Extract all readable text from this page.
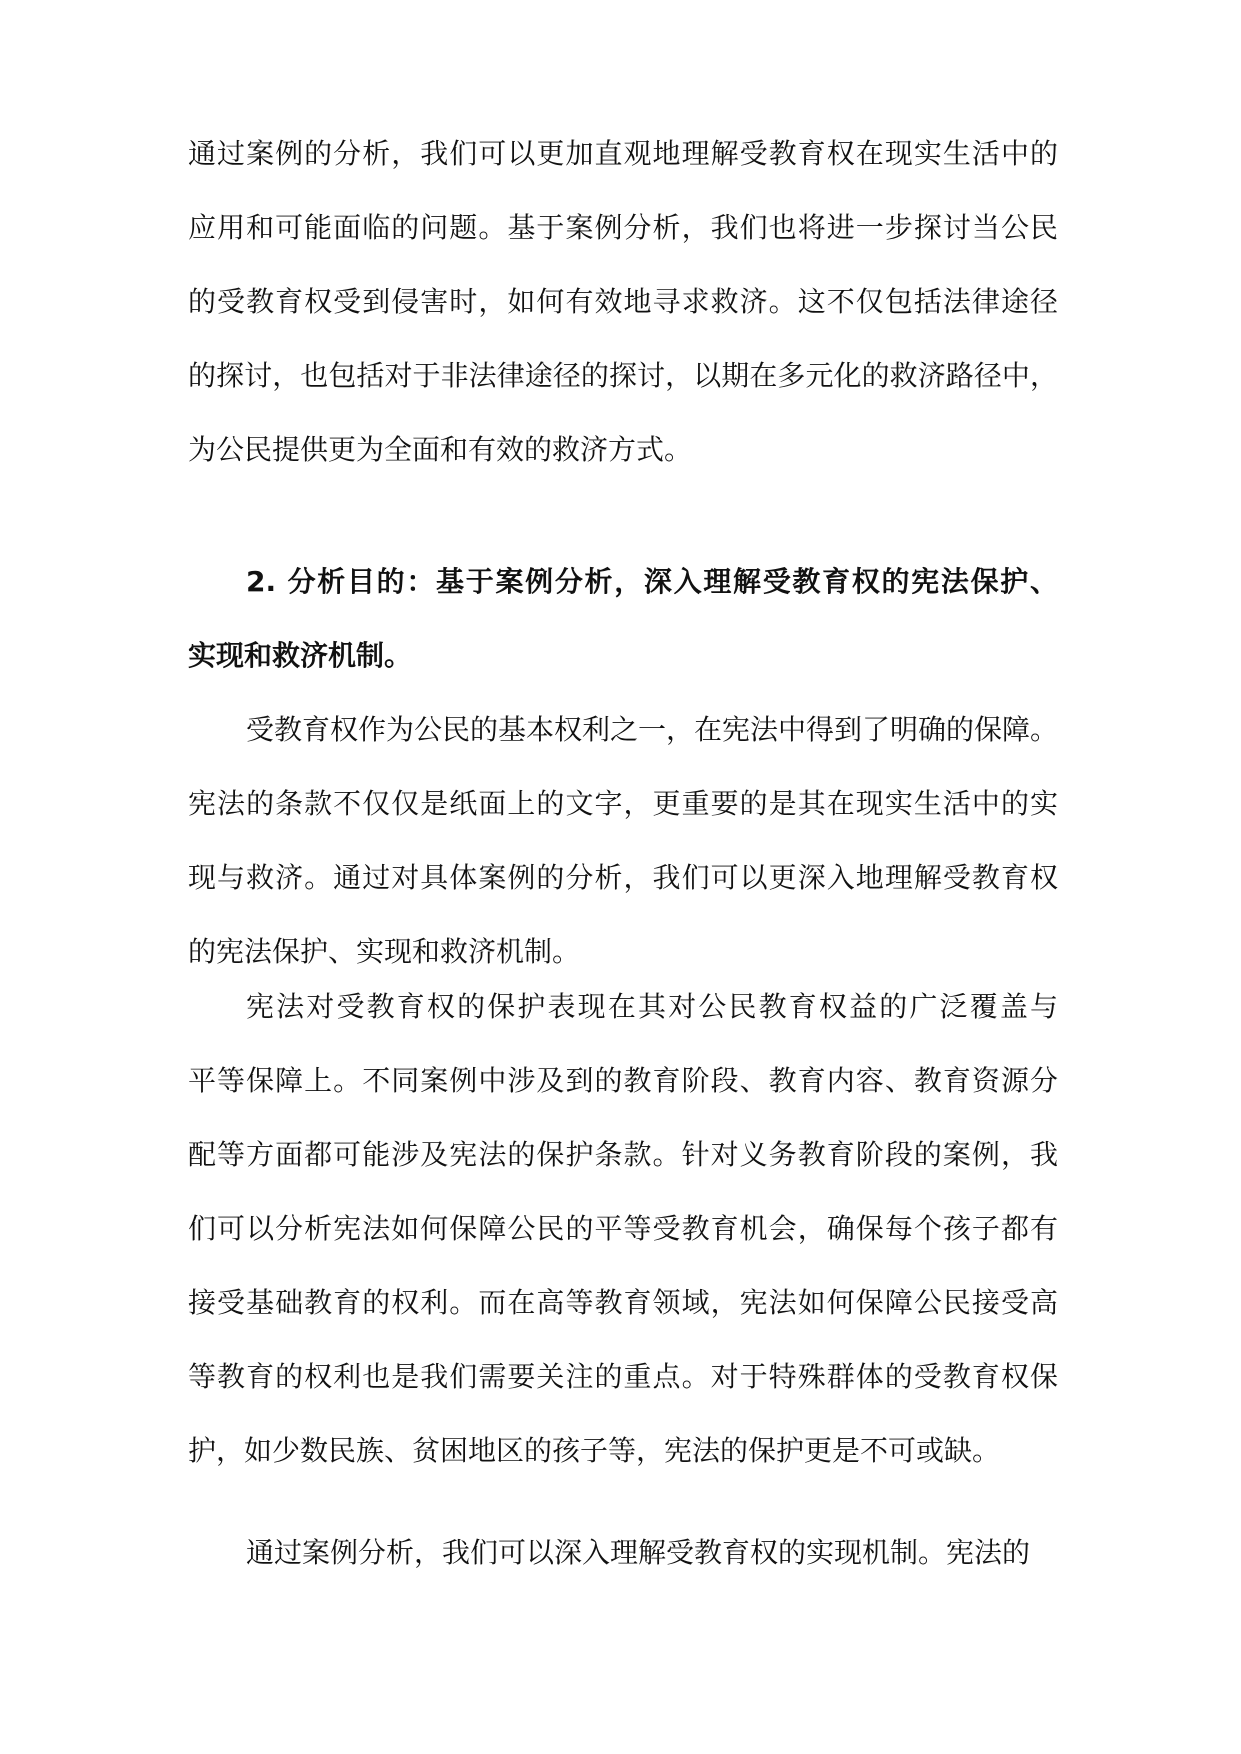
通过案例的分析，我们可以更加直观地理解受教育权在现实生活中的
应用和可能面临的问题。基于案例分析，我们也将进一步探讨当公民
的受教育权受到侵害时，如何有效地寻求救济。这不仅包括法律途径
的探讨，也包括对于非法律途径的探讨，以期在多元化的救济路径中，
为公民提供更为全面和有效的救济方式。
2. 分析目的：基于案例分析，深入理解受教育权的宪法保护、
实现和救济机制。
受教育权作为公民的基本权利之一，在宪法中得到了明确的保障。
宪法的条款不仅仅是纸面上的文字，更重要的是其在现实生活中的实
现与救济。通过对具体案例的分析，我们可以更深入地理解受教育权
的宪法保护、实现和救济机制。
宪法对受教育权的保护表现在其对公民教育权益的广泛覆盖与
平等保障上。不同案例中涉及到的教育阶段、教育内容、教育资源分
配等方面都可能涉及宪法的保护条款。针对义务教育阶段的案例，我
们可以分析宪法如何保障公民的平等受教育机会，确保每个孩子都有
接受基础教育的权利。而在高等教育领域，宪法如何保障公民接受高
等教育的权利也是我们需要关注的重点。对于特殊群体的受教育权保
护，如少数民族、贫困地区的孩子等，宪法的保护更是不可或缺。
通过案例分析，我们可以深入理解受教育权的实现机制。宪法的
